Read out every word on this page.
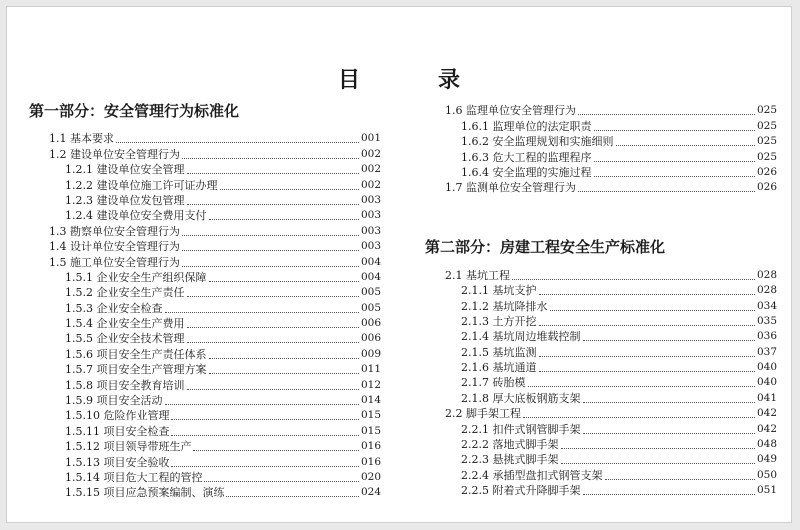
目　录
第一部分：安全管理行为标准化
1.1 基本要求	001
1.2 建设单位安全管理行为	002
1.2.1 建设单位安全管理	002
1.2.2 建设单位施工许可证办理	002
1.2.3 建设单位发包管理	003
1.2.4 建设单位安全费用支付	003
1.3 勘察单位安全管理行为	003
1.4 设计单位安全管理行为	003
1.5 施工单位安全管理行为	004
1.5.1 企业安全生产组织保障	004
1.5.2 企业安全生产责任	005
1.5.3 企业安全检查	005
1.5.4 企业安全生产费用	006
1.5.5 企业安全技术管理	006
1.5.6 项目安全生产责任体系	009
1.5.7 项目安全生产管理方案	011
1.5.8 项目安全教育培训	012
1.5.9 项目安全活动	014
1.5.10 危险作业管理	015
1.5.11 项目安全检查	015
1.5.12 项目领导带班生产	016
1.5.13 项目安全验收	016
1.5.14 项目危大工程的管控	020
1.5.15 项目应急预案编制、演练	024
1.6 监理单位安全管理行为	025
1.6.1 监理单位的法定职责	025
1.6.2 安全监理规划和实施细则	025
1.6.3 危大工程的监理程序	025
1.6.4 安全监理的实施过程	026
1.7 监测单位安全管理行为	026
第二部分：房建工程安全生产标准化
2.1 基坑工程	028
2.1.1 基坑支护	028
2.1.2 基坑降排水	034
2.1.3 土方开挖	035
2.1.4 基坑周边堆载控制	036
2.1.5 基坑监测	037
2.1.6 基坑通道	040
2.1.7 砖胎模	040
2.1.8 厚大底板钢筋支架	041
2.2 脚手架工程	042
2.2.1 扣件式钢管脚手架	042
2.2.2 落地式脚手架	048
2.2.3 悬挑式脚手架	049
2.2.4 承插型盘扣式钢管支架	050
2.2.5 附着式升降脚手架	051
